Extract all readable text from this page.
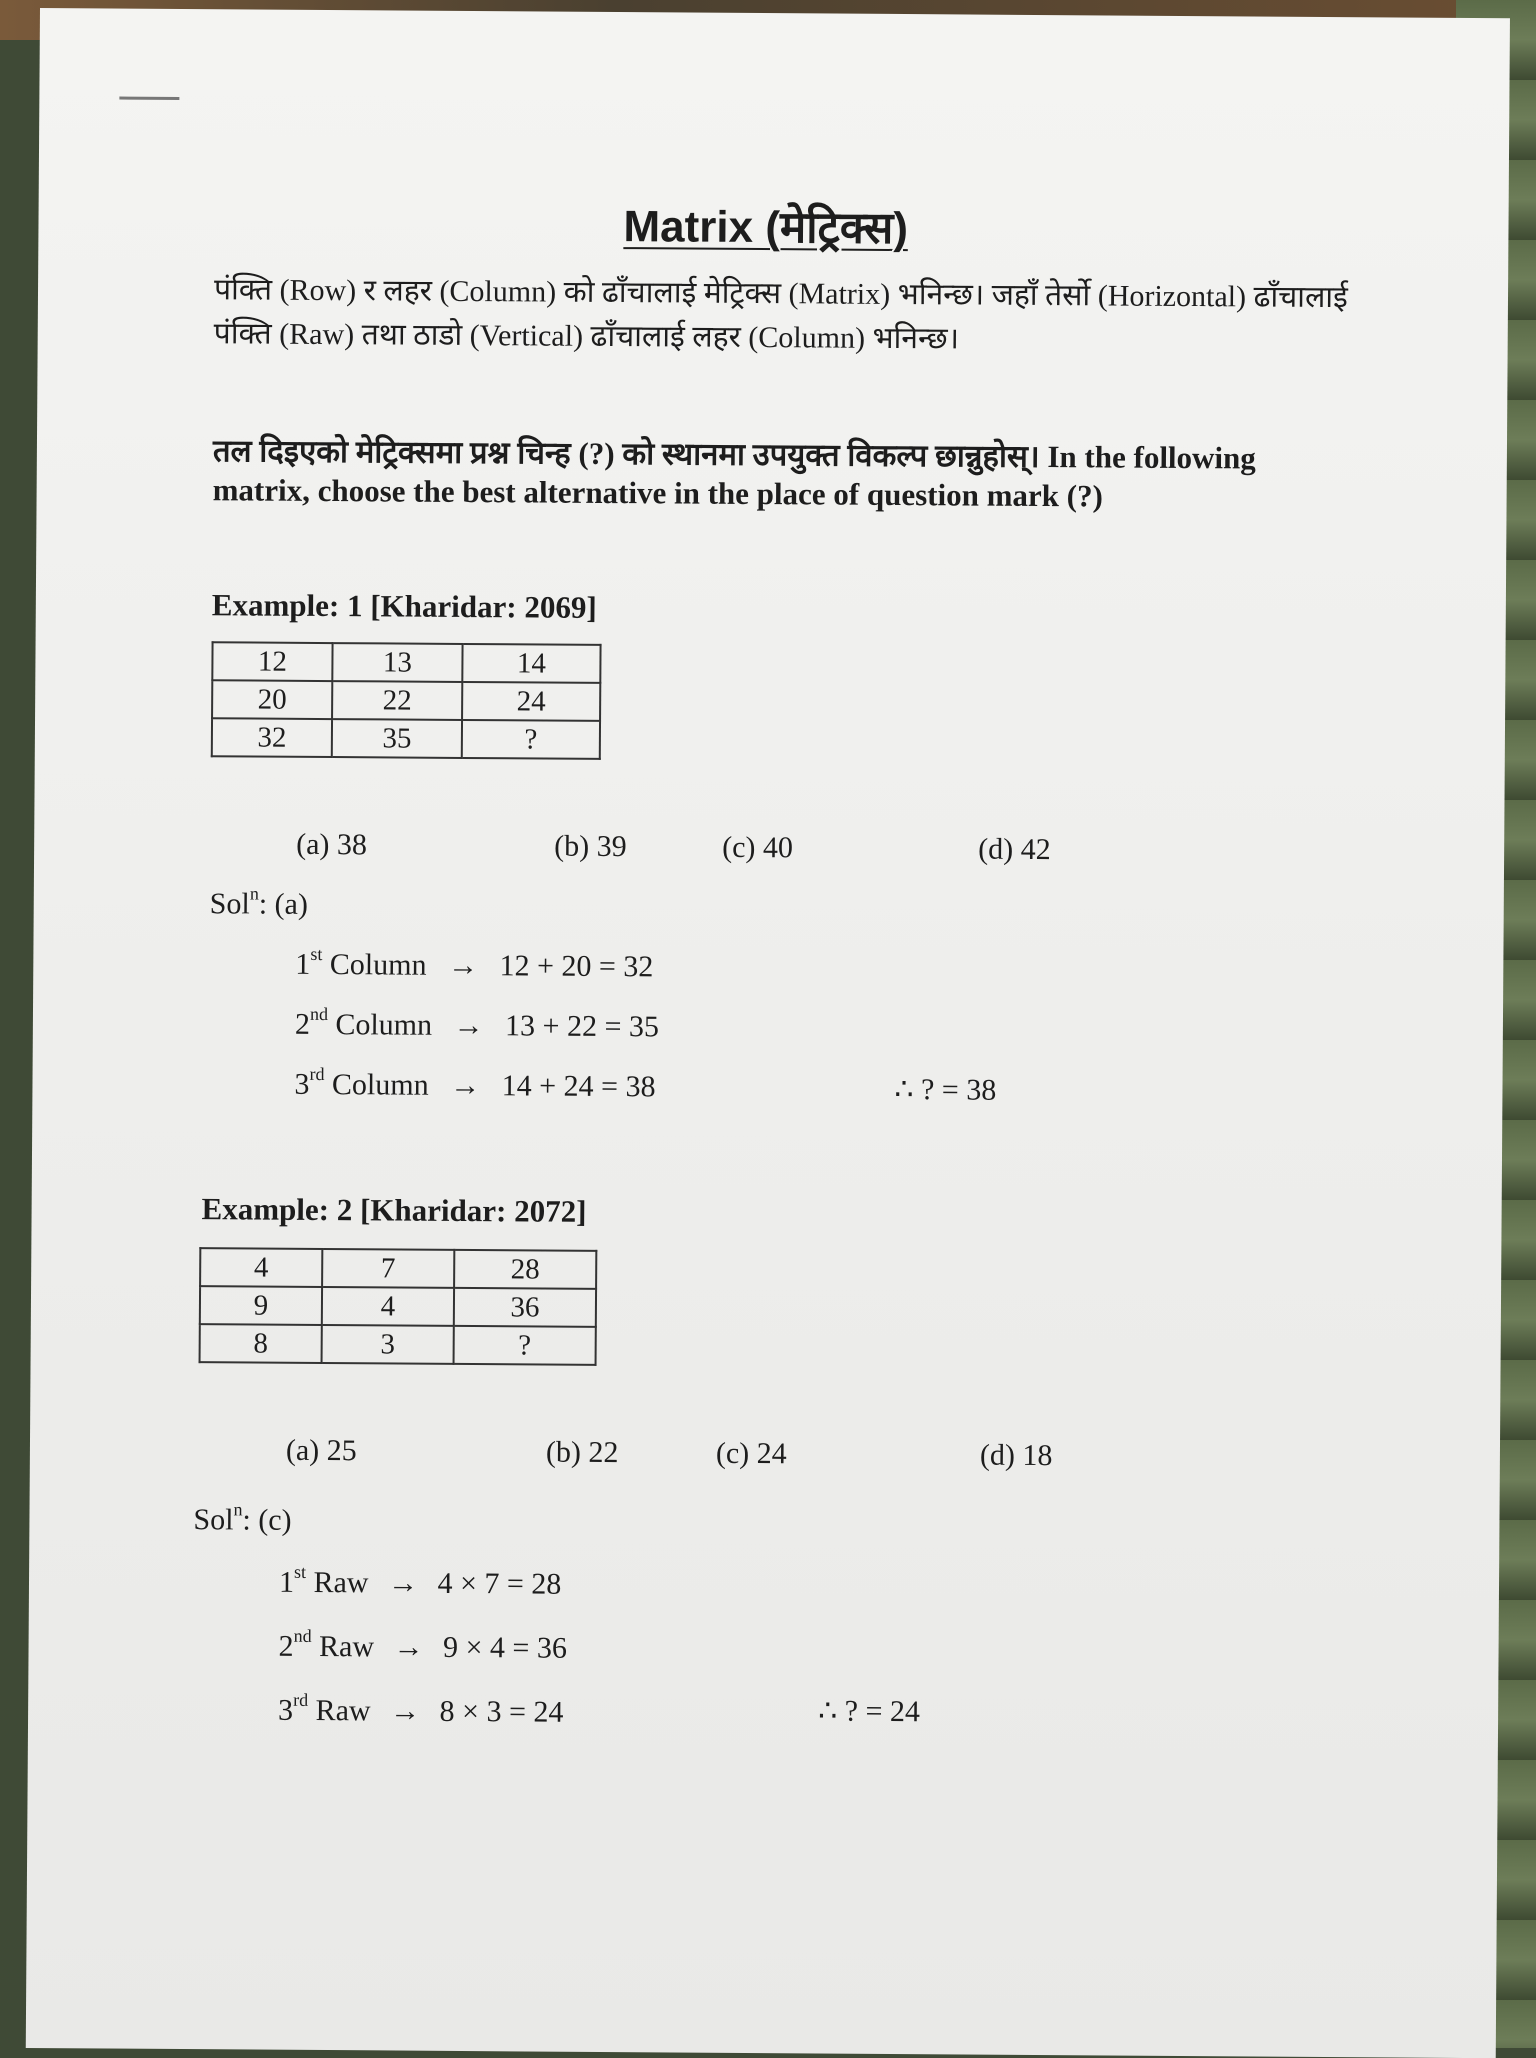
Matrix (मेट्रिक्स)
पंक्ति (Row) र लहर (Column) को ढाँचालाई मेट्रिक्स (Matrix) भनिन्छ। जहाँ तेर्सो (Horizontal) ढाँचालाई
पंक्ति (Raw) तथा ठाडो (Vertical) ढाँचालाई लहर (Column) भनिन्छ।
तल दिइएको मेट्रिक्समा प्रश्न चिन्ह (?) को स्थानमा उपयुक्त विकल्प छान्नुहोस्। In the following
matrix, choose the best alternative in the place of question mark (?)
Example: 1 [Kharidar: 2069]
12	13	14
20	22	24
32	35	?
(a) 38	(b) 39	(c) 40	(d) 42
Sol$^n$: (a)
1st Column → 12 + 20 = 32
2nd Column → 13 + 22 = 35
3rd Column → 14 + 24 = 38	∴ ? = 38
Example: 2 [Kharidar: 2072]
4	7	28
9	4	36
8	3	?
(a) 25	(b) 22	(c) 24	(d) 18
Sol$^n$: (c)
1st Raw → 4 × 7 = 28
2nd Raw → 9 × 4 = 36
3rd Raw → 8 × 3 = 24	∴ ? = 24
